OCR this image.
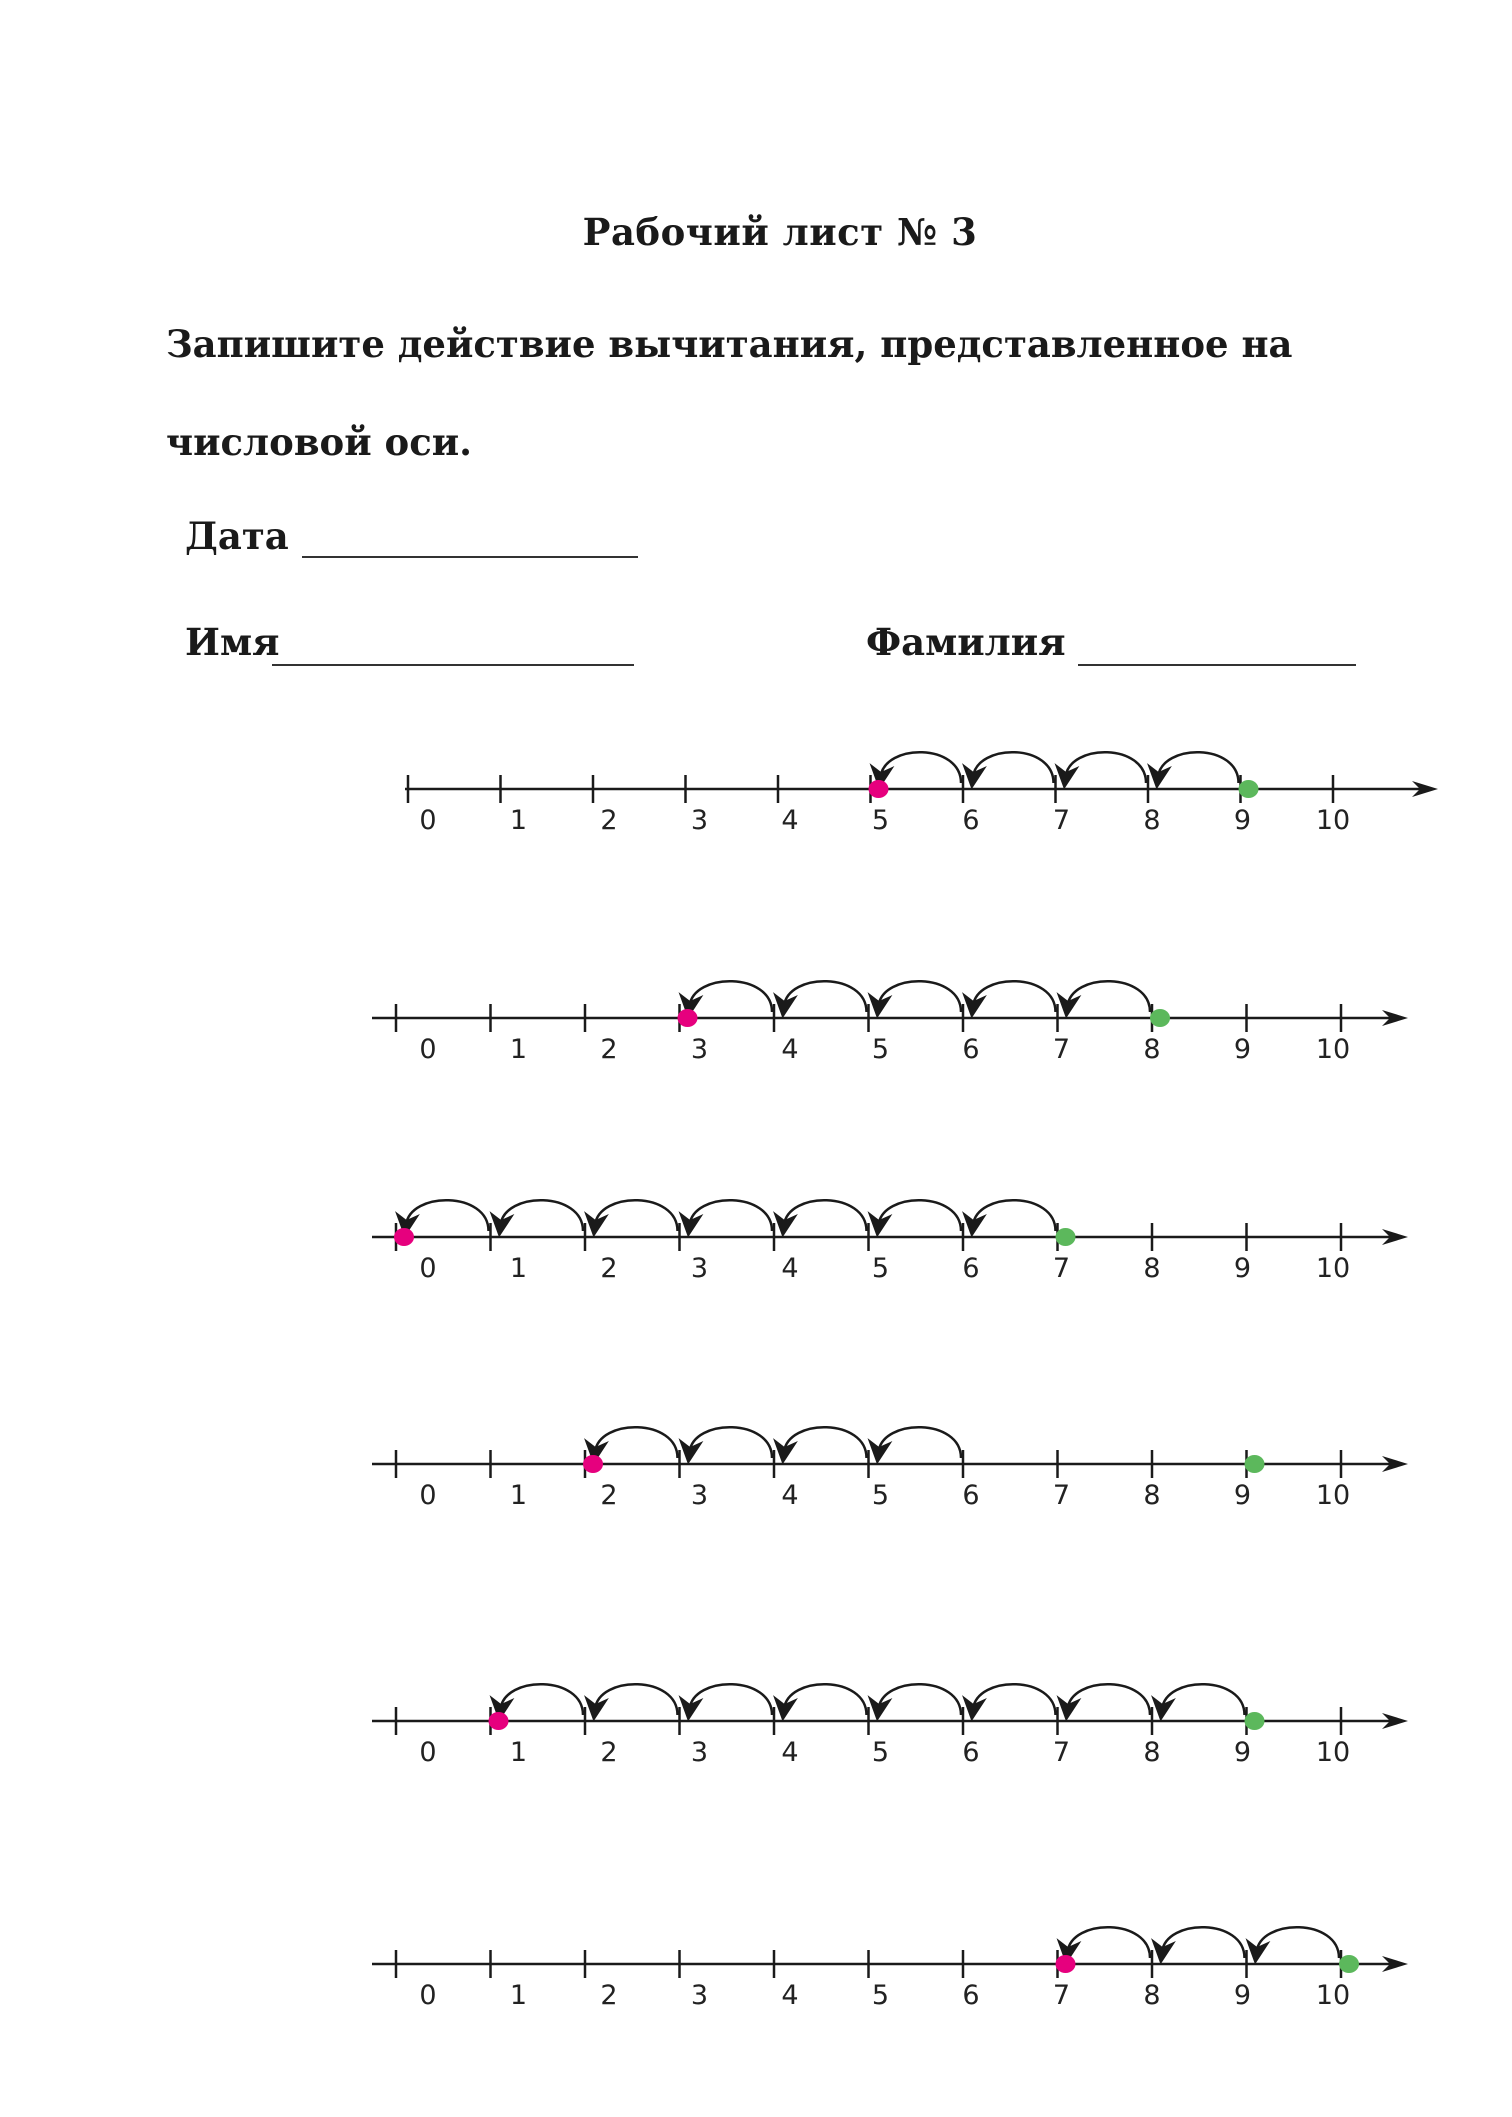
Рабочий лист № 3
Запишите действие вычитания, представленное на
числовой оси.
Дата
Имя	Фамилия
0	1	2	3	4	5	6	7	8	9 10
0	1	2	3	4	5	6	7	8	9 10
0	1	2	3	4	5	6	7	8	9 10
0	1	2	3	4	5	6	7	8	9 10
0	1	2	3	4	5	6	7	8	9 10
0	1	2	3	4	5	6	7	8	9 10
